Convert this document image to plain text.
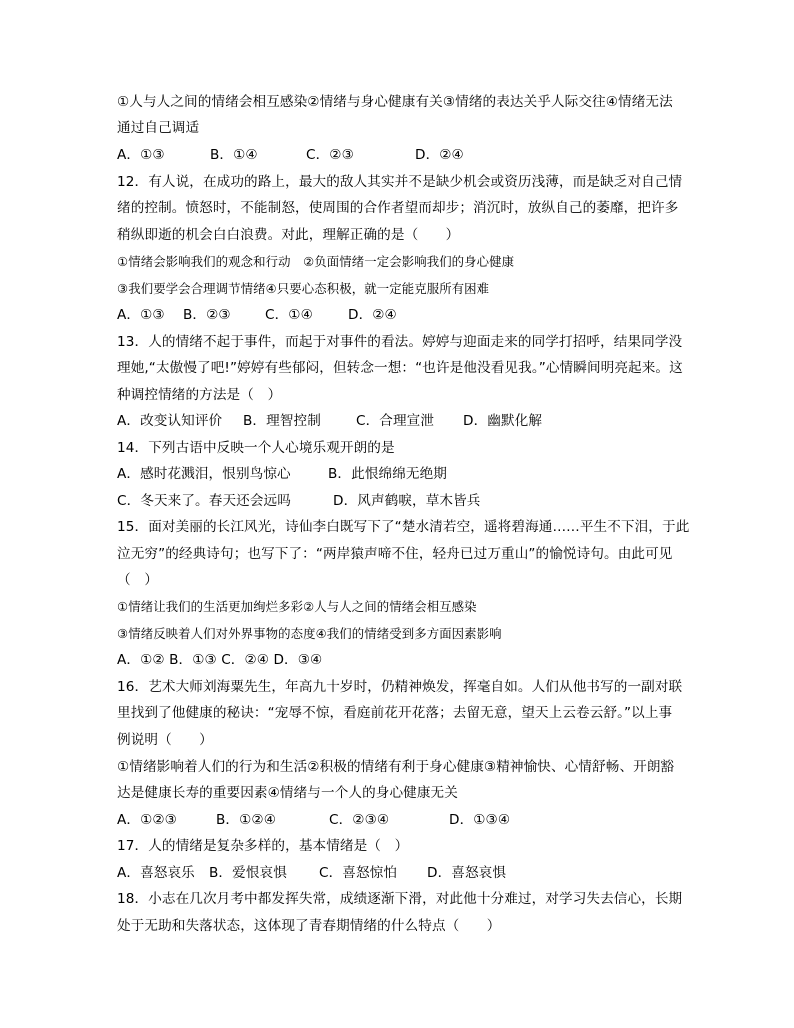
①人与人之间的情绪会相互感染②情绪与身心健康有关③情绪的表达关乎人际交往④情绪无法
通过自己调适
A．①③	B．①④	C．②③	D．②④
12．有人说，在成功的路上，最大的敌人其实并不是缺少机会或资历浅薄，而是缺乏对自己情
绪的控制。愤怒时，不能制怒，使周围的合作者望而却步；消沉时，放纵自己的萎靡，把许多
稍纵即逝的机会白白浪费。对此，理解正确的是（　　）
①情绪会影响我们的观念和行动　②负面情绪一定会影响我们的身心健康
③我们要学会合理调节情绪④只要心态积极，就一定能克服所有困难
A．①③ B．②③	C．①④	D．②④
13．人的情绪不起于事件，而起于对事件的看法。婷婷与迎面走来的同学打招呼，结果同学没
理她,“太傲慢了吧!”婷婷有些郁闷，但转念一想：“也许是他没看见我。”心情瞬间明亮起来。这
种调控情绪的方法是（　）
A．改变认知评价 B．理智控制	C．合理宣泄 D．幽默化解
14．下列古语中反映一个人心境乐观开朗的是
A．感时花溅泪，恨别鸟惊心	B．此恨绵绵无绝期
C．冬天来了。春天还会远吗	D．风声鹤唳，草木皆兵
15．面对美丽的长江风光，诗仙李白既写下了“楚水清若空，遥将碧海通……平生不下泪，于此
泣无穷”的经典诗句；也写下了：“两岸猿声啼不住，轻舟已过万重山”的愉悦诗句。由此可见
（　）
①情绪让我们的生活更加绚烂多彩②人与人之间的情绪会相互感染
③情绪反映着人们对外界事物的态度④我们的情绪受到多方面因素影响
A．①② B．①③ C．②④ D．③④
16．艺术大师刘海粟先生，年高九十岁时，仍精神焕发，挥毫自如。人们从他书写的一副对联
里找到了他健康的秘诀：“宠辱不惊，看庭前花开花落；去留无意，望天上云卷云舒。”以上事
例说明（　　）
①情绪影响着人们的行为和生活②积极的情绪有利于身心健康③精神愉快、心情舒畅、开朗豁
达是健康长寿的重要因素④情绪与一个人的身心健康无关
A．①②③	B．①②④	C．②③④	D．①③④
17．人的情绪是复杂多样的，基本情绪是（　）
A．喜怒哀乐 B．爱恨哀惧 C．喜怒惊怕 D．喜怒哀惧
18．小志在几次月考中都发挥失常，成绩逐渐下滑，对此他十分难过，对学习失去信心，长期
处于无助和失落状态，这体现了青春期情绪的什么特点（　　）
